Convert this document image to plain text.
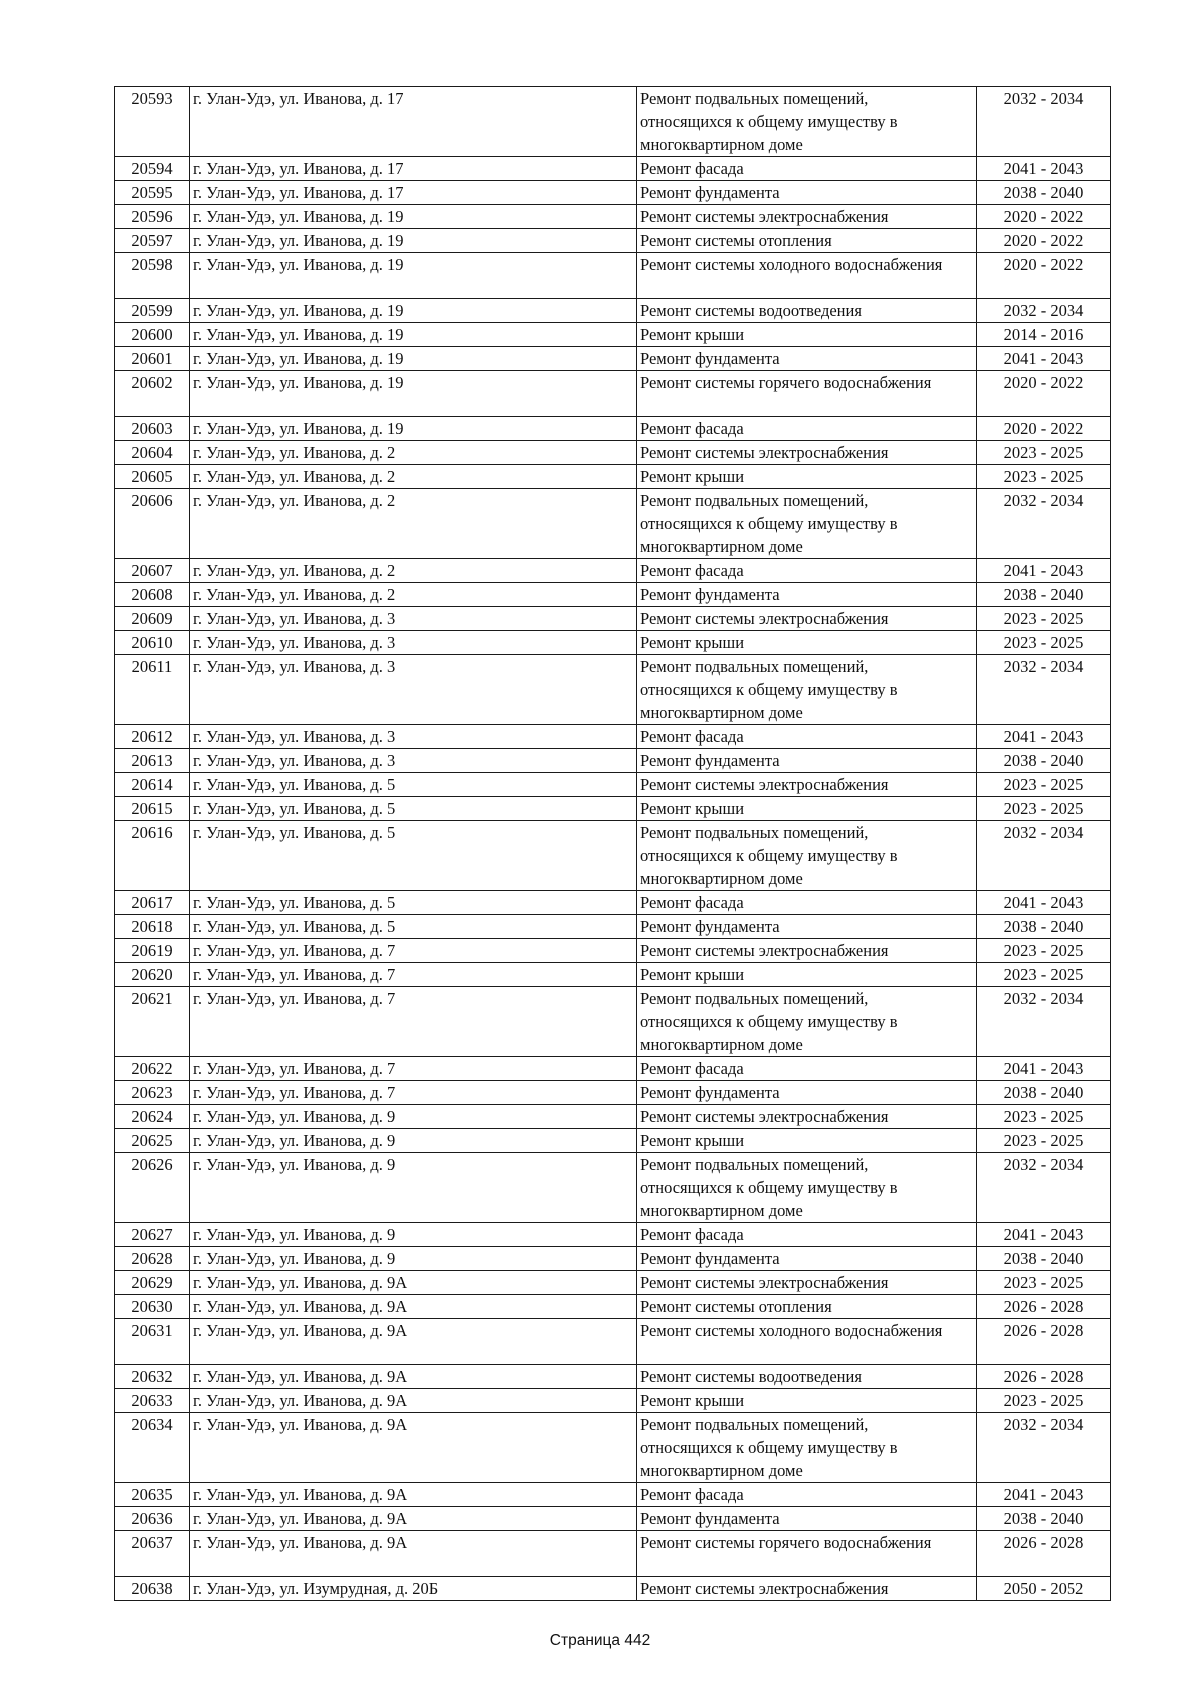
20593	г. Улан-Удэ, ул. Иванова, д. 17	Ремонт подвальных помещений,
относящихся к общему имуществу в
многоквартирном доме	2032 - 2034
20594	г. Улан-Удэ, ул. Иванова, д. 17	Ремонт фасада	2041 - 2043
20595	г. Улан-Удэ, ул. Иванова, д. 17	Ремонт фундамента	2038 - 2040
20596	г. Улан-Удэ, ул. Иванова, д. 19	Ремонт системы электроснабжения	2020 - 2022
20597	г. Улан-Удэ, ул. Иванова, д. 19	Ремонт системы отопления	2020 - 2022
20598	г. Улан-Удэ, ул. Иванова, д. 19	Ремонт системы холодного водоснабжения	2020 - 2022
20599	г. Улан-Удэ, ул. Иванова, д. 19	Ремонт системы водоотведения	2032 - 2034
20600	г. Улан-Удэ, ул. Иванова, д. 19	Ремонт крыши	2014 - 2016
20601	г. Улан-Удэ, ул. Иванова, д. 19	Ремонт фундамента	2041 - 2043
20602	г. Улан-Удэ, ул. Иванова, д. 19	Ремонт системы горячего водоснабжения	2020 - 2022
20603	г. Улан-Удэ, ул. Иванова, д. 19	Ремонт фасада	2020 - 2022
20604	г. Улан-Удэ, ул. Иванова, д. 2	Ремонт системы электроснабжения	2023 - 2025
20605	г. Улан-Удэ, ул. Иванова, д. 2	Ремонт крыши	2023 - 2025
20606	г. Улан-Удэ, ул. Иванова, д. 2	Ремонт подвальных помещений,
относящихся к общему имуществу в
многоквартирном доме	2032 - 2034
20607	г. Улан-Удэ, ул. Иванова, д. 2	Ремонт фасада	2041 - 2043
20608	г. Улан-Удэ, ул. Иванова, д. 2	Ремонт фундамента	2038 - 2040
20609	г. Улан-Удэ, ул. Иванова, д. 3	Ремонт системы электроснабжения	2023 - 2025
20610	г. Улан-Удэ, ул. Иванова, д. 3	Ремонт крыши	2023 - 2025
20611	г. Улан-Удэ, ул. Иванова, д. 3	Ремонт подвальных помещений,
относящихся к общему имуществу в
многоквартирном доме	2032 - 2034
20612	г. Улан-Удэ, ул. Иванова, д. 3	Ремонт фасада	2041 - 2043
20613	г. Улан-Удэ, ул. Иванова, д. 3	Ремонт фундамента	2038 - 2040
20614	г. Улан-Удэ, ул. Иванова, д. 5	Ремонт системы электроснабжения	2023 - 2025
20615	г. Улан-Удэ, ул. Иванова, д. 5	Ремонт крыши	2023 - 2025
20616	г. Улан-Удэ, ул. Иванова, д. 5	Ремонт подвальных помещений,
относящихся к общему имуществу в
многоквартирном доме	2032 - 2034
20617	г. Улан-Удэ, ул. Иванова, д. 5	Ремонт фасада	2041 - 2043
20618	г. Улан-Удэ, ул. Иванова, д. 5	Ремонт фундамента	2038 - 2040
20619	г. Улан-Удэ, ул. Иванова, д. 7	Ремонт системы электроснабжения	2023 - 2025
20620	г. Улан-Удэ, ул. Иванова, д. 7	Ремонт крыши	2023 - 2025
20621	г. Улан-Удэ, ул. Иванова, д. 7	Ремонт подвальных помещений,
относящихся к общему имуществу в
многоквартирном доме	2032 - 2034
20622	г. Улан-Удэ, ул. Иванова, д. 7	Ремонт фасада	2041 - 2043
20623	г. Улан-Удэ, ул. Иванова, д. 7	Ремонт фундамента	2038 - 2040
20624	г. Улан-Удэ, ул. Иванова, д. 9	Ремонт системы электроснабжения	2023 - 2025
20625	г. Улан-Удэ, ул. Иванова, д. 9	Ремонт крыши	2023 - 2025
20626	г. Улан-Удэ, ул. Иванова, д. 9	Ремонт подвальных помещений,
относящихся к общему имуществу в
многоквартирном доме	2032 - 2034
20627	г. Улан-Удэ, ул. Иванова, д. 9	Ремонт фасада	2041 - 2043
20628	г. Улан-Удэ, ул. Иванова, д. 9	Ремонт фундамента	2038 - 2040
20629	г. Улан-Удэ, ул. Иванова, д. 9А	Ремонт системы электроснабжения	2023 - 2025
20630	г. Улан-Удэ, ул. Иванова, д. 9А	Ремонт системы отопления	2026 - 2028
20631	г. Улан-Удэ, ул. Иванова, д. 9А	Ремонт системы холодного водоснабжения	2026 - 2028
20632	г. Улан-Удэ, ул. Иванова, д. 9А	Ремонт системы водоотведения	2026 - 2028
20633	г. Улан-Удэ, ул. Иванова, д. 9А	Ремонт крыши	2023 - 2025
20634	г. Улан-Удэ, ул. Иванова, д. 9А	Ремонт подвальных помещений,
относящихся к общему имуществу в
многоквартирном доме	2032 - 2034
20635	г. Улан-Удэ, ул. Иванова, д. 9А	Ремонт фасада	2041 - 2043
20636	г. Улан-Удэ, ул. Иванова, д. 9А	Ремонт фундамента	2038 - 2040
20637	г. Улан-Удэ, ул. Иванова, д. 9А	Ремонт системы горячего водоснабжения	2026 - 2028
20638	г. Улан-Удэ, ул. Изумрудная, д. 20Б	Ремонт системы электроснабжения	2050 - 2052
Страница 442
